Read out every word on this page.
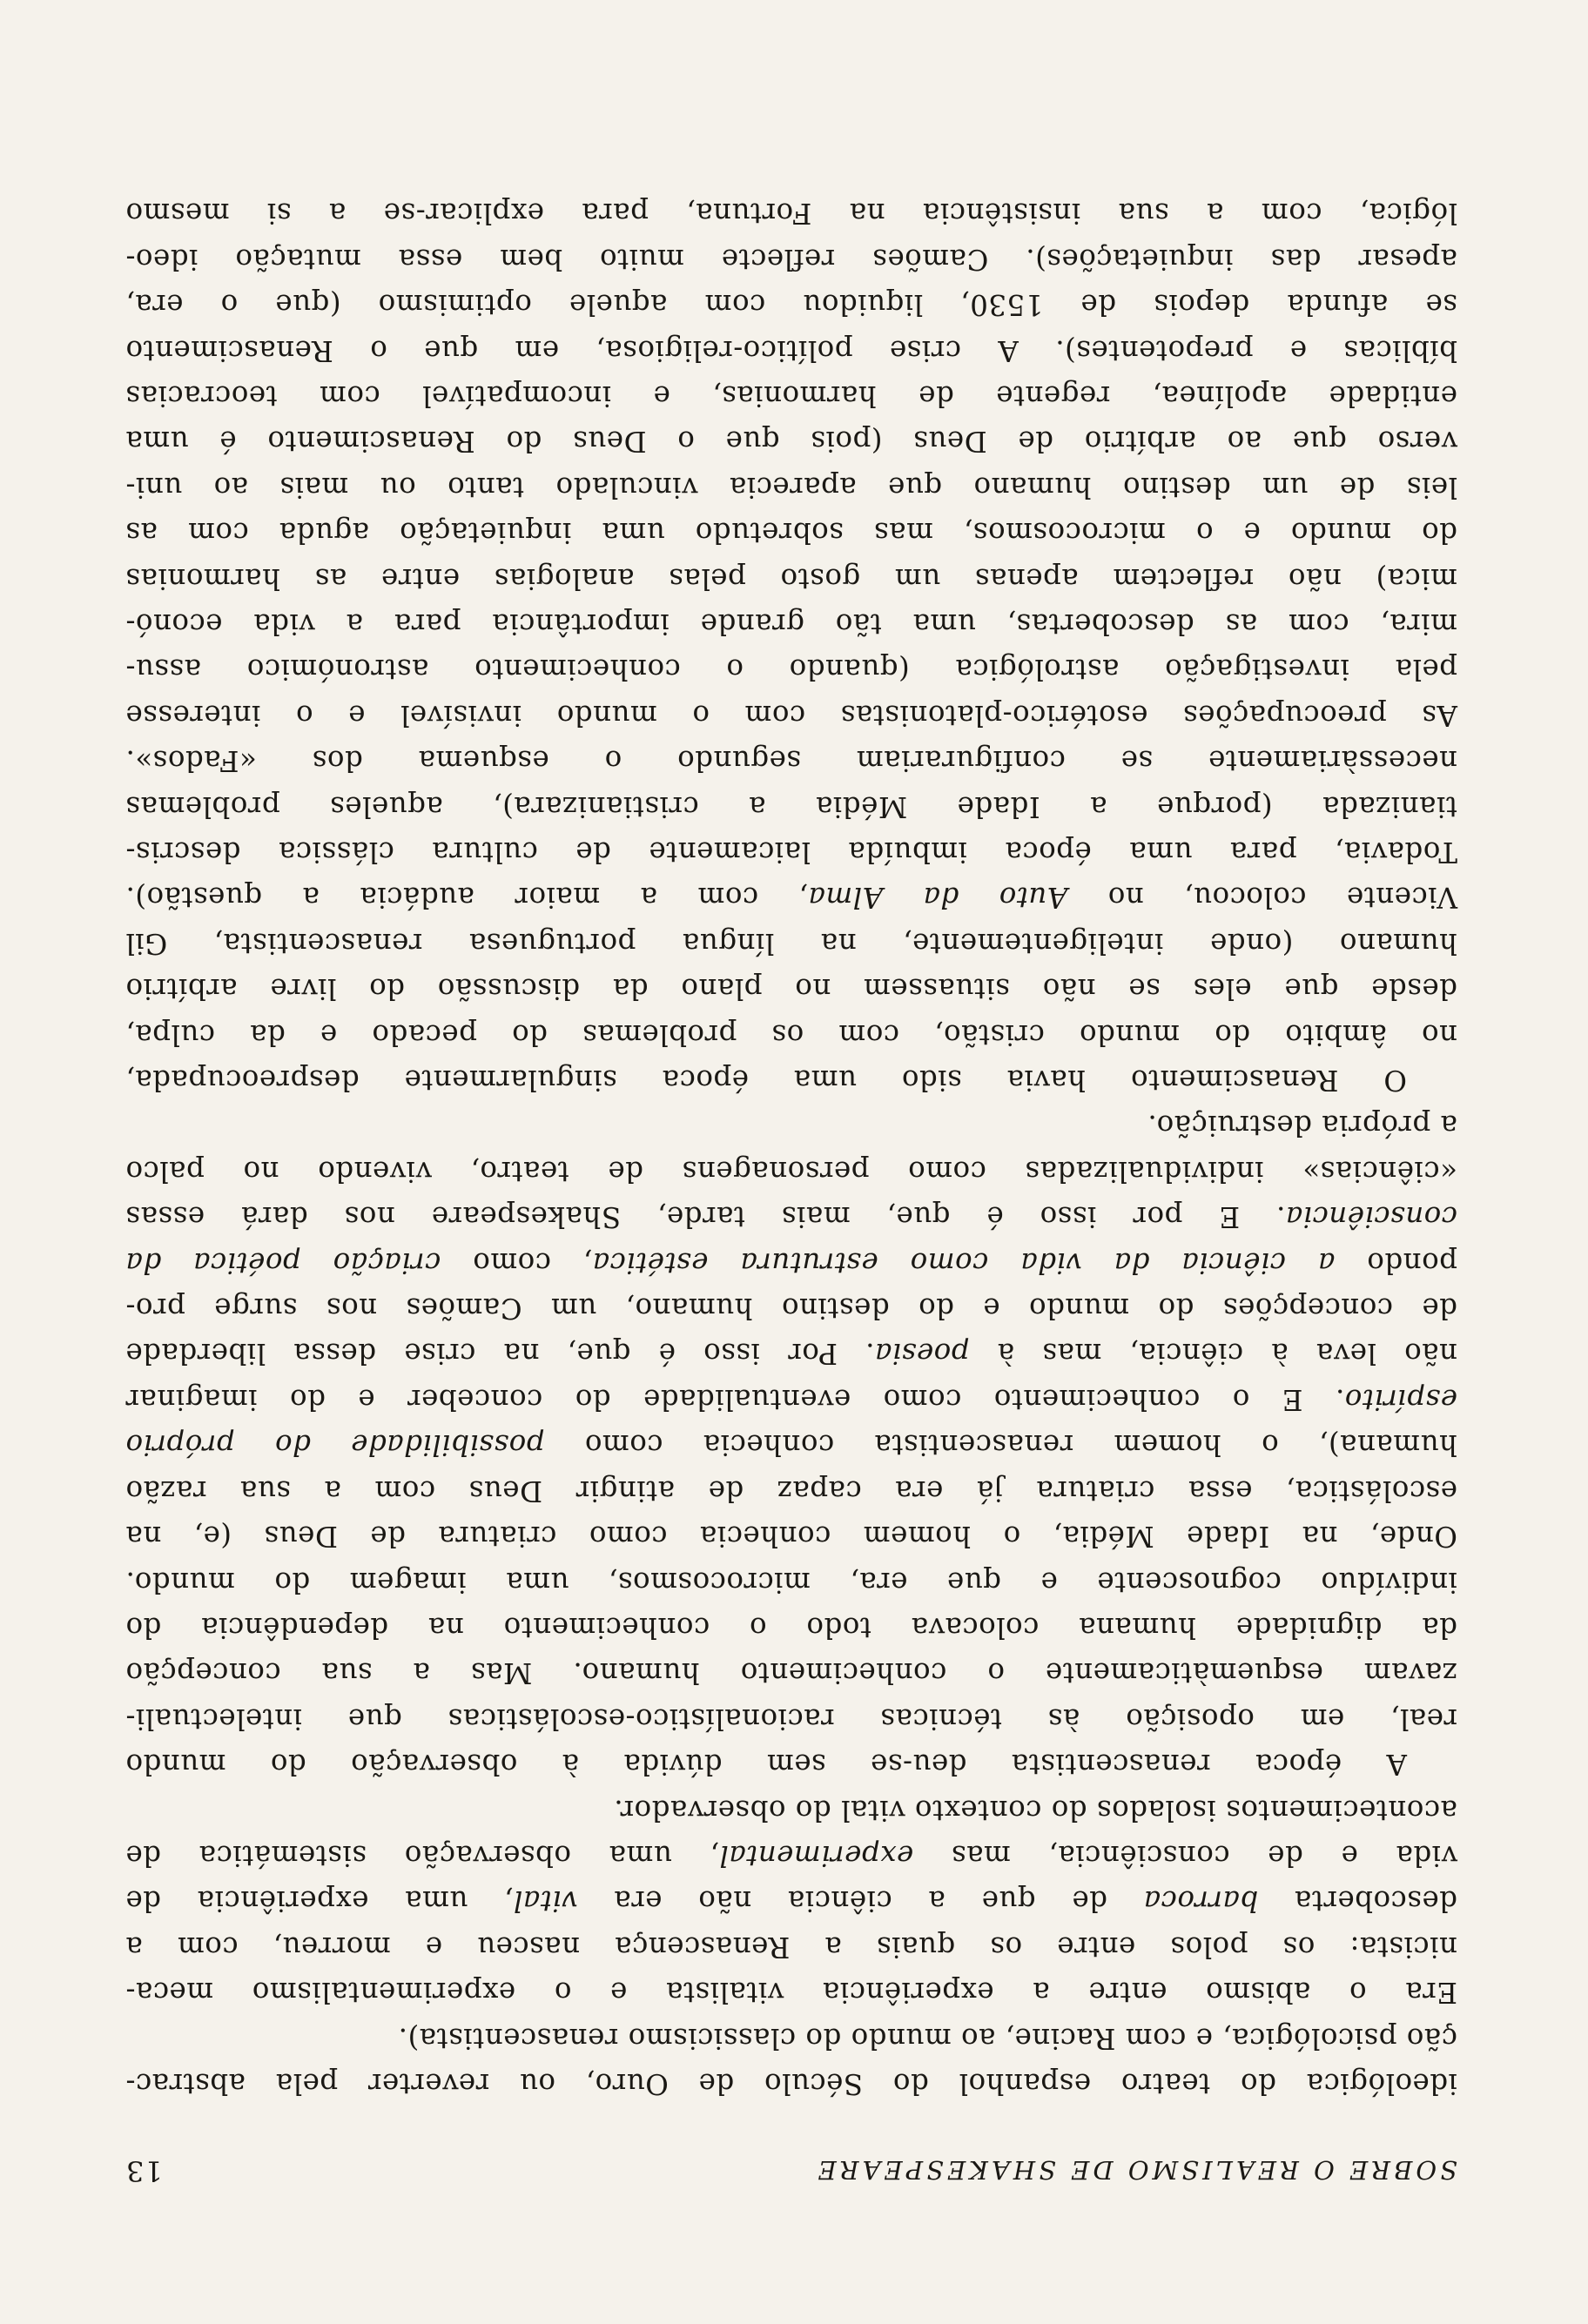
SOBRE O REALISMO DE SHAKESPEARE
13
ideológica do teatro espanhol do Século de Ouro, ou reverter pela abstrac-
ção psicológica, e com Racine, ao mundo do classicismo renascentista).
Era o abismo entre a experiência vitalista e o experimentalismo meca-
nicista: os polos entre os quais a Renascença nasceu e morreu, com a
descoberta barroca de que a ciência não era vital, uma experiência de
vida e de consciência, mas experimental, uma observação sistemática de
acontecimentos isolados do contexto vital do observador.
A época renascentista deu-se sem dúvida à observação do mundo
real, em oposição às técnicas racionalístico-escolásticas que intelectuali-
zavam esquemàticamente o conhecimento humano. Mas a sua concepção
da dignidade humana colocava todo o conhecimento na dependência do
indivíduo cognoscente e que era, microcosmos, uma imagem do mundo.
Onde, na Idade Média, o homem conhecia como criatura de Deus (e, na
escolástica, essa criatura já era capaz de atingir Deus com a sua razão
humana), o homem renascentista conhecia como possibilidade do próprio
espírito. E o conhecimento como eventualidade do conceber e do imaginar
não leva à ciência, mas à poesia. Por isso é que, na crise dessa liberdade
de concepções do mundo e do destino humano, um Camões nos surge pro-
pondo a ciência da vida como estrutura estética, como criação poética da
consciência. E por isso é que, mais tarde, Shakespeare nos dará essas
«ciências» individualizadas como personagens de teatro, vivendo no palco
a própria destruição.
O Renascimento havia sido uma época singularmente despreocupada,
no âmbito do mundo cristão, com os problemas do pecado e da culpa,
desde que eles se não situassem no plano da discussão do livre arbítrio
humano (onde inteligentemente, na língua portuguesa renascentista, Gil
Vicente colocou, no Auto da Alma, com a maior audácia a questão).
Todavia, para uma época imbuída laicamente de cultura clássica descris-
tianizada (porque a Idade Média a cristianizara), aqueles problemas
necessàriamente se configurariam segundo o esquema dos «Fados».
As preocupações esotérico-platonistas com o mundo invisível e o interesse
pela investigação astrológica (quando o conhecimento astronómico assu-
mira, com as descobertas, uma tão grande importância para a vida econó-
mica) não reflectem apenas um gosto pelas analogias entre as harmonias
do mundo e o microcosmos, mas sobretudo uma inquietação aguda com as
leis de um destino humano que aparecia vinculado tanto ou mais ao uni-
verso que ao arbítrio de Deus (pois que o Deus do Renascimento é uma
entidade apolínea, regente de harmonias, e incompatível com teocracias
bíblicas e prepotentes). A crise político-religiosa, em que o Renascimento
se afunda depois de 1530, liquidou com aquele optimismo (que o era,
apesar das inquietações). Camões reflecte muito bem essa mutação ideo-
lógica, com a sua insistência na Fortuna, para explicar-se a si mesmo
